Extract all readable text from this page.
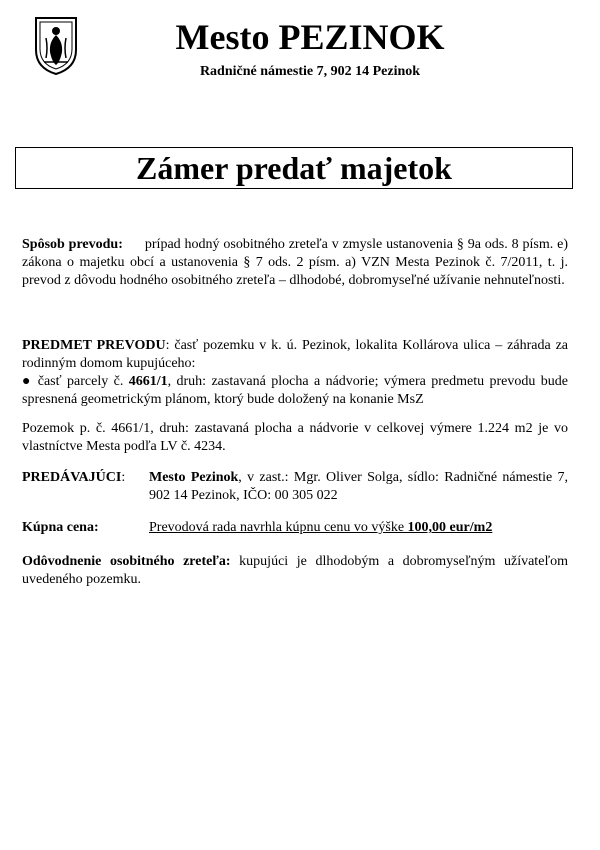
Mesto PEZINOK
Radničné námestie 7, 902 14 Pezinok
Zámer predať majetok
Spôsob prevodu: prípad hodný osobitného zreteľa v zmysle ustanovenia § 9a ods. 8 písm. e) zákona o majetku obcí a ustanovenia § 7 ods. 2 písm. a) VZN Mesta Pezinok č. 7/2011, t. j. prevod z dôvodu hodného osobitného zreteľa – dlhodobé, dobromyseľné užívanie nehnuteľnosti.
PREDMET PREVODU: časť pozemku v k. ú. Pezinok, lokalita Kollárova ulica – záhrada za rodinným domom kupujúceho:
● časť parcely č. 4661/1, druh: zastavaná plocha a nádvorie; výmera predmetu prevodu bude spresnená geometrickým plánom, ktorý bude doložený na konanie MsZ
Pozemok p. č. 4661/1, druh: zastavaná plocha a nádvorie v celkovej výmere 1.224 m2 je vo vlastníctve Mesta podľa LV č. 4234.
PREDÁVAJÚCI:	Mesto Pezinok, v zast.: Mgr. Oliver Solga, sídlo: Radničné námestie 7, 902 14 Pezinok, IČO: 00 305 022
Kúpna cena:	Prevodová rada navrhla kúpnu cenu vo výške 100,00 eur/m2
Odôvodnenie osobitného zreteľa: kupujúci je dlhodobým a dobromyseľným užívateľom uvedeného pozemku.
